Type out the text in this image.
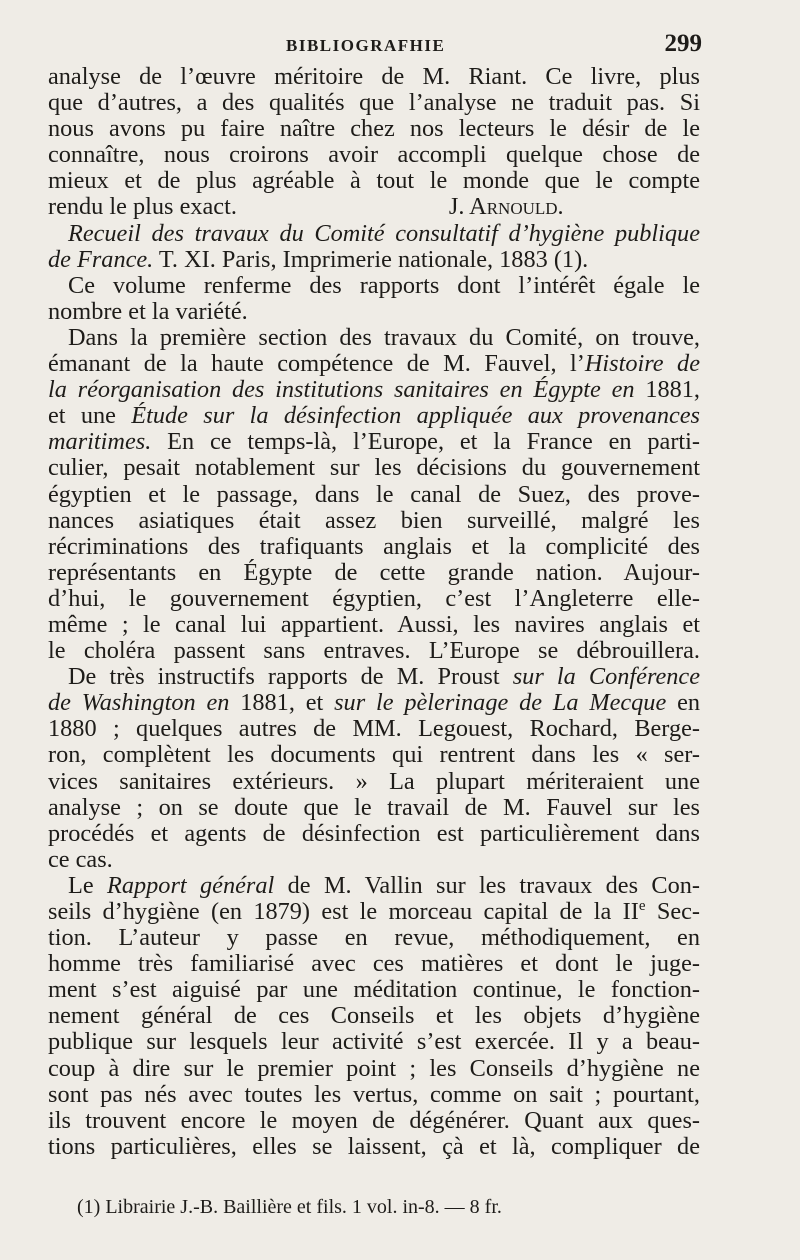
BIBLIOGRAFHIE	299
analyse de l’œuvre méritoire de M. Riant. Ce livre, plus
que d’autres, a des qualités que l’analyse ne traduit pas. Si
nous avons pu faire naître chez nos lecteurs le désir de le
connaître, nous croirons avoir accompli quelque chose de
mieux et de plus agréable à tout le monde que le compte
rendu le plus exact.	J. Arnould.
Recueil des travaux du Comité consultatif d’hygiène publique
de France. T. XI. Paris, Imprimerie nationale, 1883 (1).
Ce volume renferme des rapports dont l’intérêt égale le
nombre et la variété.
Dans la première section des travaux du Comité, on trouve,
émanant de la haute compétence de M. Fauvel, l’Histoire de
la réorganisation des institutions sanitaires en Égypte en 1881,
et une Étude sur la désinfection appliquée aux provenances
maritimes. En ce temps-là, l’Europe, et la France en parti-
culier, pesait notablement sur les décisions du gouvernement
égyptien et le passage, dans le canal de Suez, des prove-
nances asiatiques était assez bien surveillé, malgré les
récriminations des trafiquants anglais et la complicité des
représentants en Égypte de cette grande nation. Aujour-
d’hui, le gouvernement égyptien, c’est l’Angleterre elle-
même ; le canal lui appartient. Aussi, les navires anglais et
le choléra passent sans entraves. L’Europe se débrouillera.
De très instructifs rapports de M. Proust sur la Conférence
de Washington en 1881, et sur le pèlerinage de La Mecque en
1880 ; quelques autres de MM. Legouest, Rochard, Berge-
ron, complètent les documents qui rentrent dans les « ser-
vices sanitaires extérieurs. » La plupart mériteraient une
analyse ; on se doute que le travail de M. Fauvel sur les
procédés et agents de désinfection est particulièrement dans
ce cas.
Le Rapport général de M. Vallin sur les travaux des Con-
seils d’hygiène (en 1879) est le morceau capital de la IIe Sec-
tion. L’auteur y passe en revue, méthodiquement, en
homme très familiarisé avec ces matières et dont le juge-
ment s’est aiguisé par une méditation continue, le fonction-
nement général de ces Conseils et les objets d’hygiène
publique sur lesquels leur activité s’est exercée. Il y a beau-
coup à dire sur le premier point ; les Conseils d’hygiène ne
sont pas nés avec toutes les vertus, comme on sait ; pourtant,
ils trouvent encore le moyen de dégénérer. Quant aux ques-
tions particulières, elles se laissent, çà et là, compliquer de
(1) Librairie J.-B. Baillière et fils. 1 vol. in-8. — 8 fr.
